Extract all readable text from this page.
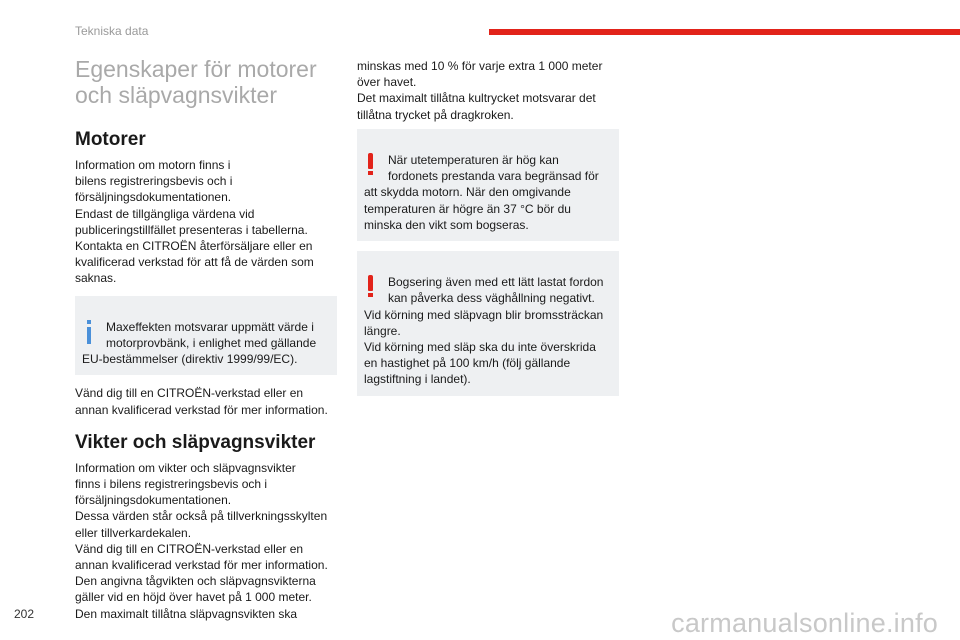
Tekniska data
Egenskaper för motorer och släpvagnsvikter
Motorer

Information om motorn finns i
bilens registreringsbevis och i
försäljningsdokumentationen.
Endast de tillgängliga värdena vid
publiceringstillfället presenteras i tabellerna.
Kontakta en CITROËN återförsäljare eller en
kvalificerad verkstad för att få de värden som
saknas.

Maxeffekten motsvarar uppmätt värde i
motorprovbänk, i enlighet med gällande
EU-bestämmelser (direktiv 1999/99/EC).

Vänd dig till en CITROËN-verkstad eller en
annan kvalificerad verkstad för mer information.

Vikter och släpvagnsvikter

Information om vikter och släpvagnsvikter
finns i bilens registreringsbevis och i
försäljningsdokumentationen.
Dessa värden står också på tillverkningsskylten
eller tillverkardekalen.
Vänd dig till en CITROËN-verkstad eller en
annan kvalificerad verkstad för mer information.
Den angivna tågvikten och släpvagnsvikterna
gäller vid en höjd över havet på 1 000 meter.
Den maximalt tillåtna släpvagnsvikten ska

minskas med 10 % för varje extra 1 000 meter
över havet.
Det maximalt tillåtna kultrycket motsvarar det
tillåtna trycket på dragkroken.

När utetemperaturen är hög kan
fordonets prestanda vara begränsad för
att skydda motorn. När den omgivande
temperaturen är högre än 37 °C bör du
minska den vikt som bogseras.

Bogsering även med ett lätt lastat fordon
kan påverka dess väghållning negativt.
Vid körning med släpvagn blir bromssträckan
längre.
Vid körning med släp ska du inte överskrida
en hastighet på 100 km/h (följ gällande
lagstiftning i landet).

202	carmanualsonline.info
